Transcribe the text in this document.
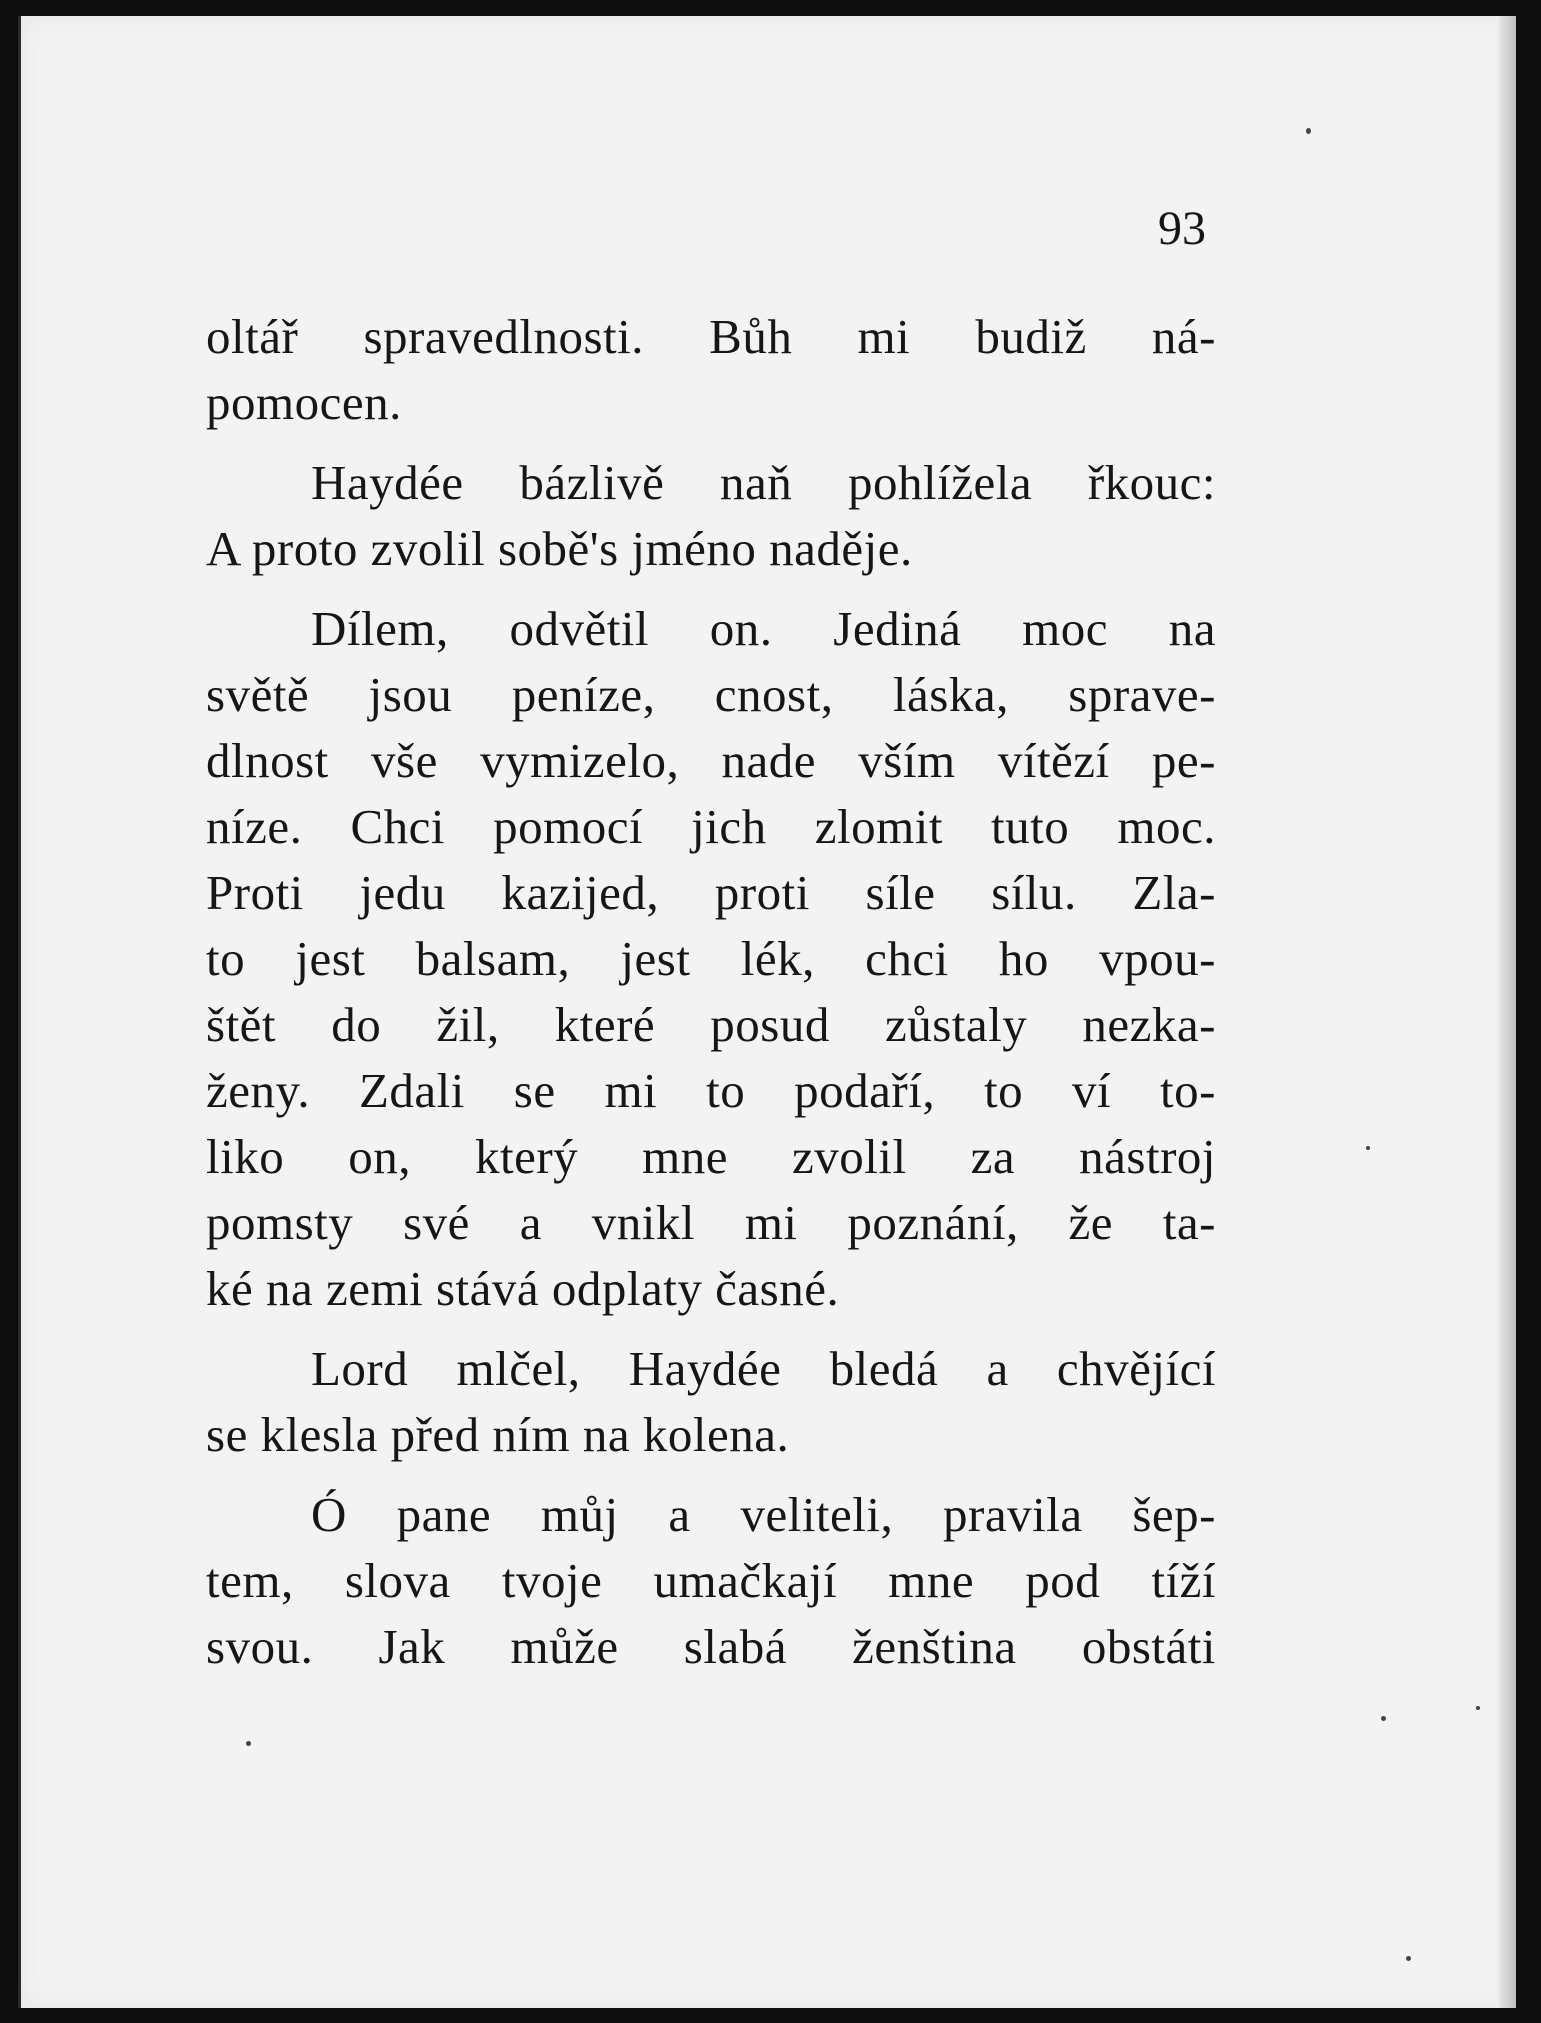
93
oltář spravedlnosti. Bůh mi budiž ná-
pomocen.
Haydée bázlivě naň pohlížela řkouc:
A proto zvolil sobě's jméno naděje.
Dílem, odvětil on. Jediná moc na
světě jsou peníze, cnost, láska, sprave-
dlnost vše vymizelo, nade vším vítězí pe-
níze. Chci pomocí jich zlomit tuto moc.
Proti jedu kazijed, proti síle sílu. Zla-
to jest balsam, jest lék, chci ho vpou-
štět do žil, které posud zůstaly nezka-
ženy. Zdali se mi to podaří, to ví to-
liko on, který mne zvolil za nástroj
pomsty své a vnikl mi poznání, že ta-
ké na zemi stává odplaty časné.
Lord mlčel, Haydée bledá a chvějící
se klesla před ním na kolena.
Ó pane můj a veliteli, pravila šep-
tem, slova tvoje umačkají mne pod tíží
svou. Jak může slabá ženština obstáti
